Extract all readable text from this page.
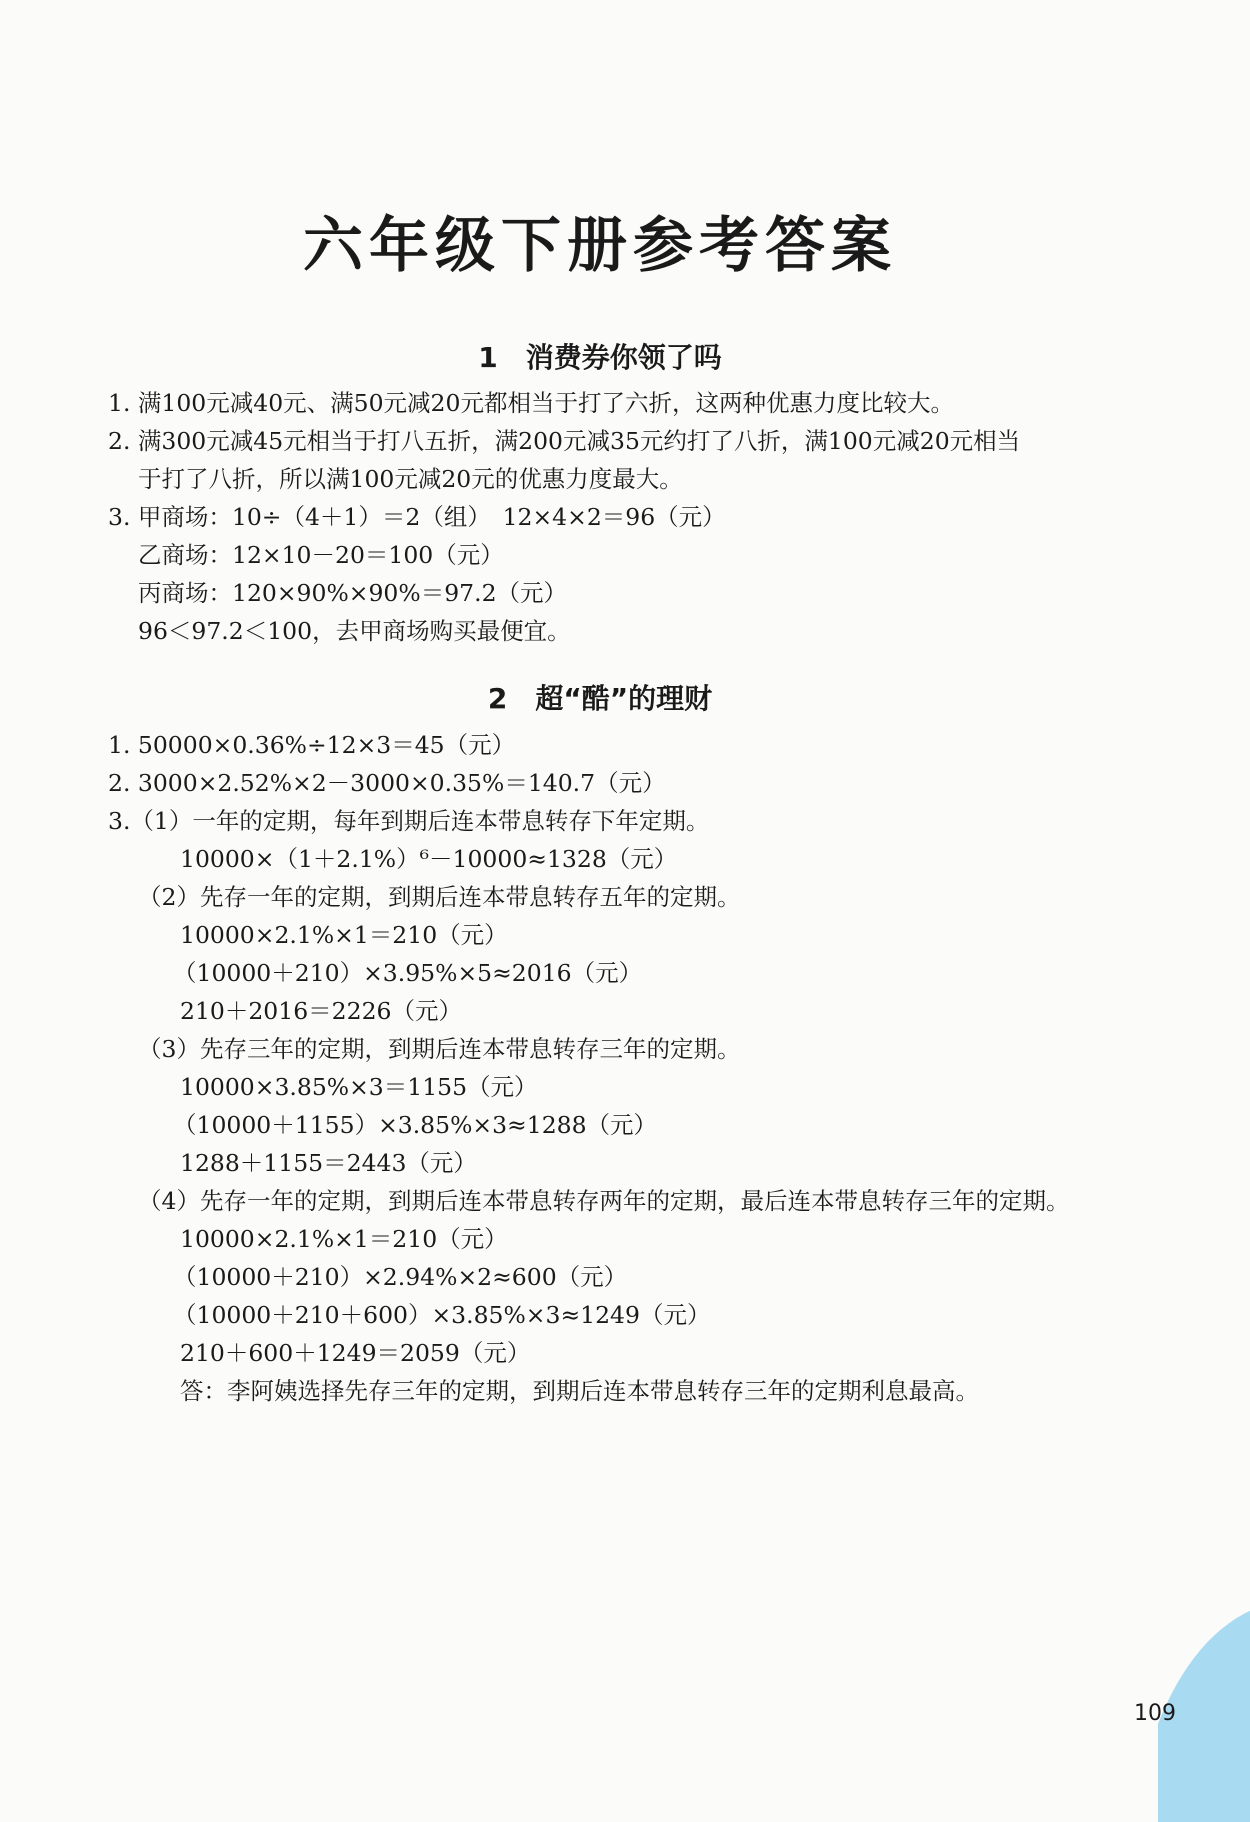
六年级下册参考答案
1 消费券你领了吗

1. 满100元减40元、满50元减20元都相当于打了六折，这两种优惠力度比较大。

2. 满300元减45元相当于打八五折，满200元减35元约打了八折，满100元减20元相当

于打了八折，所以满100元减20元的优惠力度最大。

3. 甲商场：10÷（4＋1）＝2（组）　12×4×2＝96（元）

乙商场：12×10－20＝100（元）

丙商场：120×90%×90%＝97.2（元）

96＜97.2＜100，去甲商场购买最便宜。

2 超“酷”的理财

1. 50000×0.36%÷12×3＝45（元）

2. 3000×2.52%×2－3000×0.35%＝140.7（元）

3.（1）一年的定期，每年到期后连本带息转存下年定期。

10000×（1＋2.1%）⁶－10000≈1328（元）

（2）先存一年的定期，到期后连本带息转存五年的定期。

10000×2.1%×1＝210（元）

（10000＋210）×3.95%×5≈2016（元）

210＋2016＝2226（元）

（3）先存三年的定期，到期后连本带息转存三年的定期。

10000×3.85%×3＝1155（元）

（10000＋1155）×3.85%×3≈1288（元）

1288＋1155＝2443（元）

（4）先存一年的定期，到期后连本带息转存两年的定期，最后连本带息转存三年的定期。

10000×2.1%×1＝210（元）

（10000＋210）×2.94%×2≈600（元）

（10000＋210＋600）×3.85%×3≈1249（元）

210＋600＋1249＝2059（元）

答：李阿姨选择先存三年的定期，到期后连本带息转存三年的定期利息最高。

109
